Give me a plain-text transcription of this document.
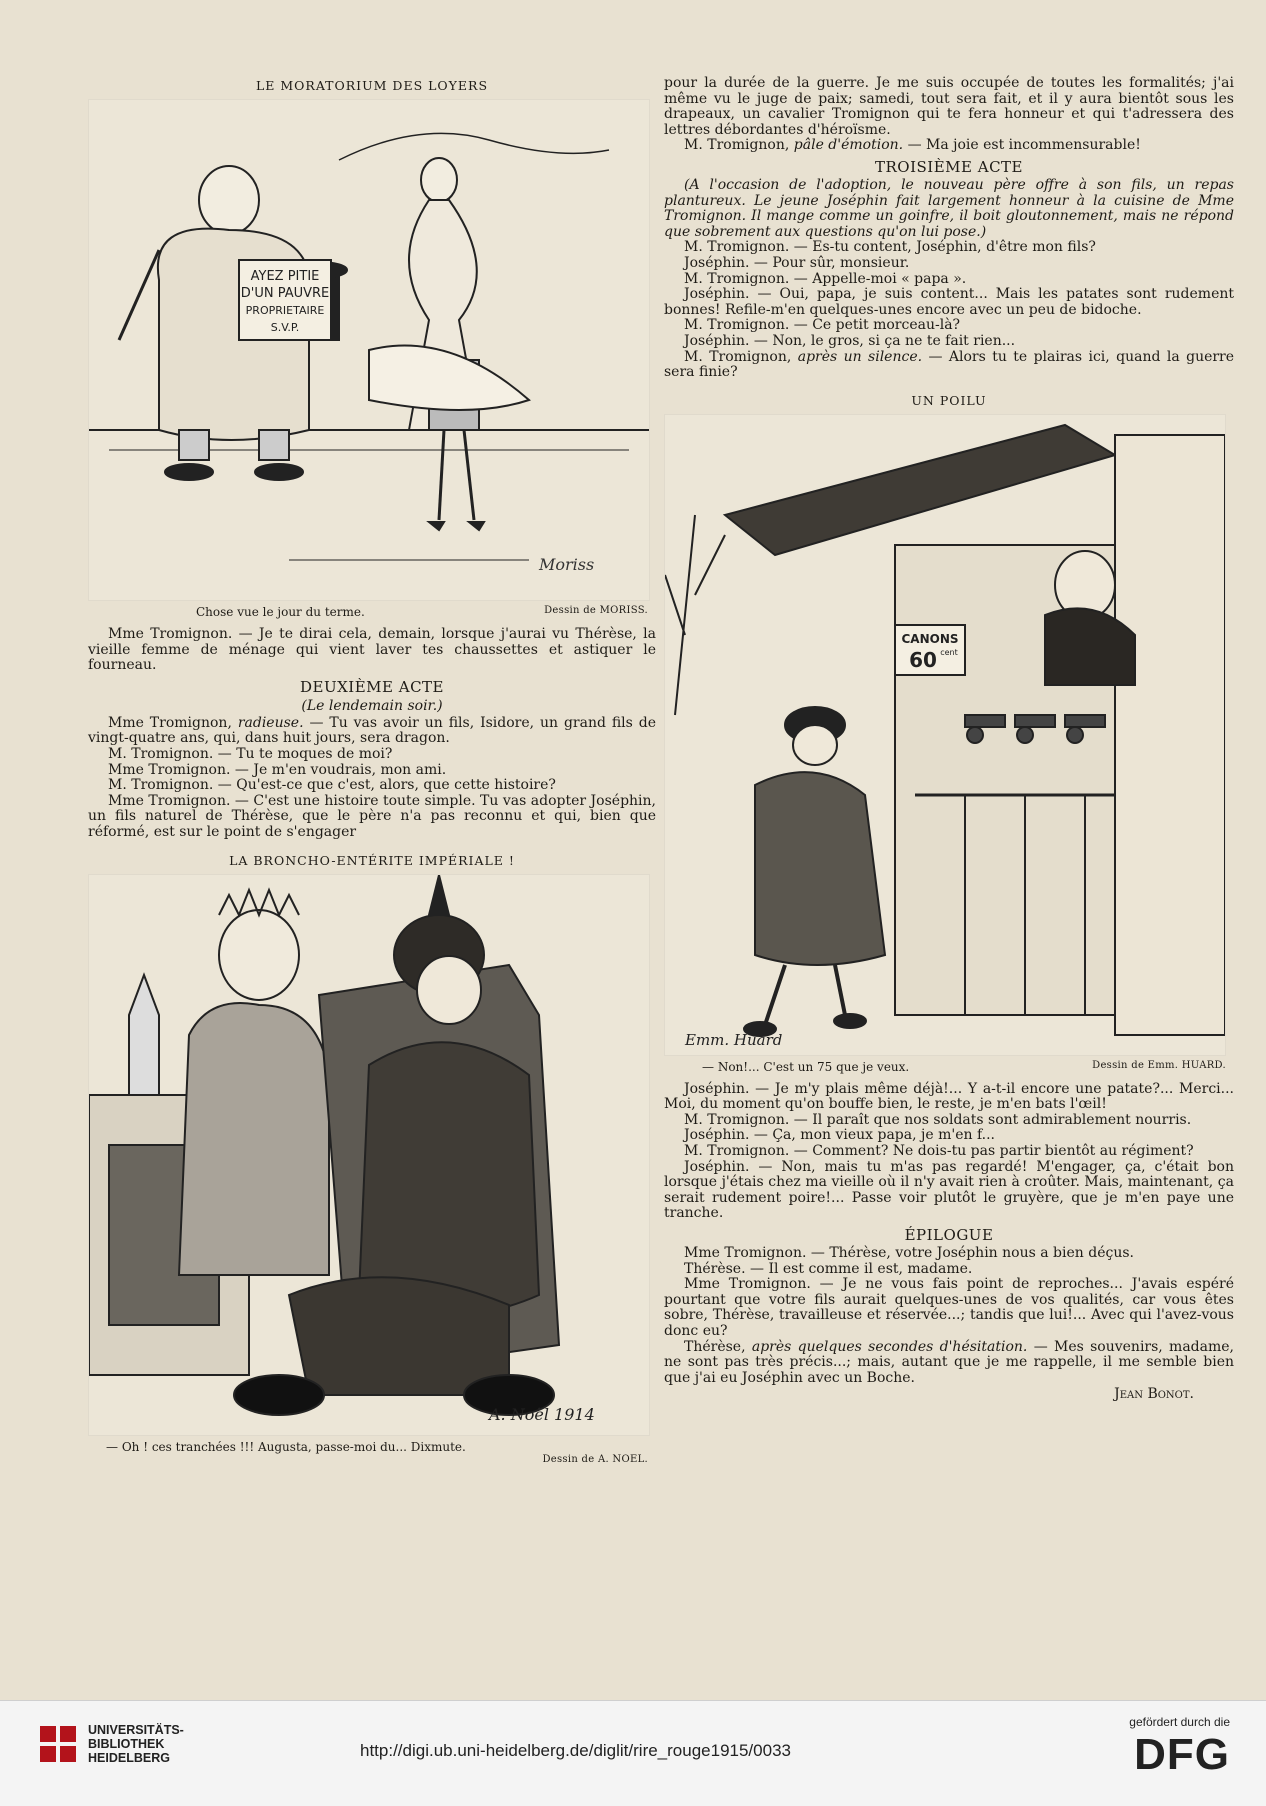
LE MORATORIUM DES LOYERS
AYEZ PITIE
D'UN PAUVRE
PROPRIETAIRE
S.V.P.
Moriss
Chose vue le jour du terme.	Dessin de MORISS.

Mme Tromignon. — Je te dirai cela, demain, lorsque j'aurai vu Thérèse, la vieille femme de ménage qui vient laver tes chaussettes et astiquer le fourneau.

DEUXIÈME ACTE
(Le lendemain soir.)

Mme Tromignon, radieuse. — Tu vas avoir un fils, Isidore, un grand fils de vingt-quatre ans, qui, dans huit jours, sera dragon.

M. Tromignon. — Tu te moques de moi?

Mme Tromignon. — Je m'en voudrais, mon ami.

M. Tromignon. — Qu'est-ce que c'est, alors, que cette histoire?

Mme Tromignon. — C'est une histoire toute simple. Tu vas adopter Joséphin, un fils naturel de Thérèse, que le père n'a pas reconnu et qui, bien que réformé, est sur le point de s'engager

LA BRONCHO-ENTÉRITE IMPÉRIALE !
A. Noël 1914
— Oh ! ces tranchées !!! Augusta, passe-moi du... Dixmute.
Dessin de A. NOEL.

pour la durée de la guerre. Je me suis occupée de toutes les formalités; j'ai même vu le juge de paix; samedi, tout sera fait, et il y aura bientôt sous les drapeaux, un cavalier Tromignon qui te fera honneur et qui t'adressera des lettres débordantes d'héroïsme.

M. Tromignon, pâle d'émotion. — Ma joie est incommensurable!

TROISIÈME ACTE

(A l'occasion de l'adoption, le nouveau père offre à son fils, un repas plantureux. Le jeune Joséphin fait largement honneur à la cuisine de Mme Tromignon. Il mange comme un goinfre, il boit gloutonnement, mais ne répond que sobrement aux questions qu'on lui pose.)

M. Tromignon. — Es-tu content, Joséphin, d'être mon fils?

Joséphin. — Pour sûr, monsieur.

M. Tromignon. — Appelle-moi « papa ».

Joséphin. — Oui, papa, je suis content... Mais les patates sont rudement bonnes! Refile-m'en quelques-unes encore avec un peu de bidoche.

M. Tromignon. — Ce petit morceau-là?

Joséphin. — Non, le gros, si ça ne te fait rien...

M. Tromignon, après un silence. — Alors tu te plairas ici, quand la guerre sera finie?

UN POILU
CANONS
60 cent
Emm. Huard
— Non!... C'est un 75 que je veux.	Dessin de Emm. HUARD.

Joséphin. — Je m'y plais même déjà!... Y a-t-il encore une patate?... Merci... Moi, du moment qu'on bouffe bien, le reste, je m'en bats l'œil!

M. Tromignon. — Il paraît que nos soldats sont admirablement nourris.

Joséphin. — Ça, mon vieux papa, je m'en f...

M. Tromignon. — Comment? Ne dois-tu pas partir bientôt au régiment?

Joséphin. — Non, mais tu m'as pas regardé! M'engager, ça, c'était bon lorsque j'étais chez ma vieille où il n'y avait rien à croûter. Mais, maintenant, ça serait rudement poire!... Passe voir plutôt le gruyère, que je m'en paye une tranche.

ÉPILOGUE

Mme Tromignon. — Thérèse, votre Joséphin nous a bien déçus.

Thérèse. — Il est comme il est, madame.

Mme Tromignon. — Je ne vous fais point de reproches... J'avais espéré pourtant que votre fils aurait quelques-unes de vos qualités, car vous êtes sobre, Thérèse, travailleuse et réservée...; tandis que lui!... Avec qui l'avez-vous donc eu?

Thérèse, après quelques secondes d'hésitation. — Mes souvenirs, madame, ne sont pas très précis...; mais, autant que je me rappelle, il me semble bien que j'ai eu Joséphin avec un Boche.

Jean Bonot.
UNIVERSITÄTS-
BIBLIOTHEK
HEIDELBERG	http://digi.ub.uni-heidelberg.de/diglit/rire_rouge1915/0033
gefördert durch die
DFG
